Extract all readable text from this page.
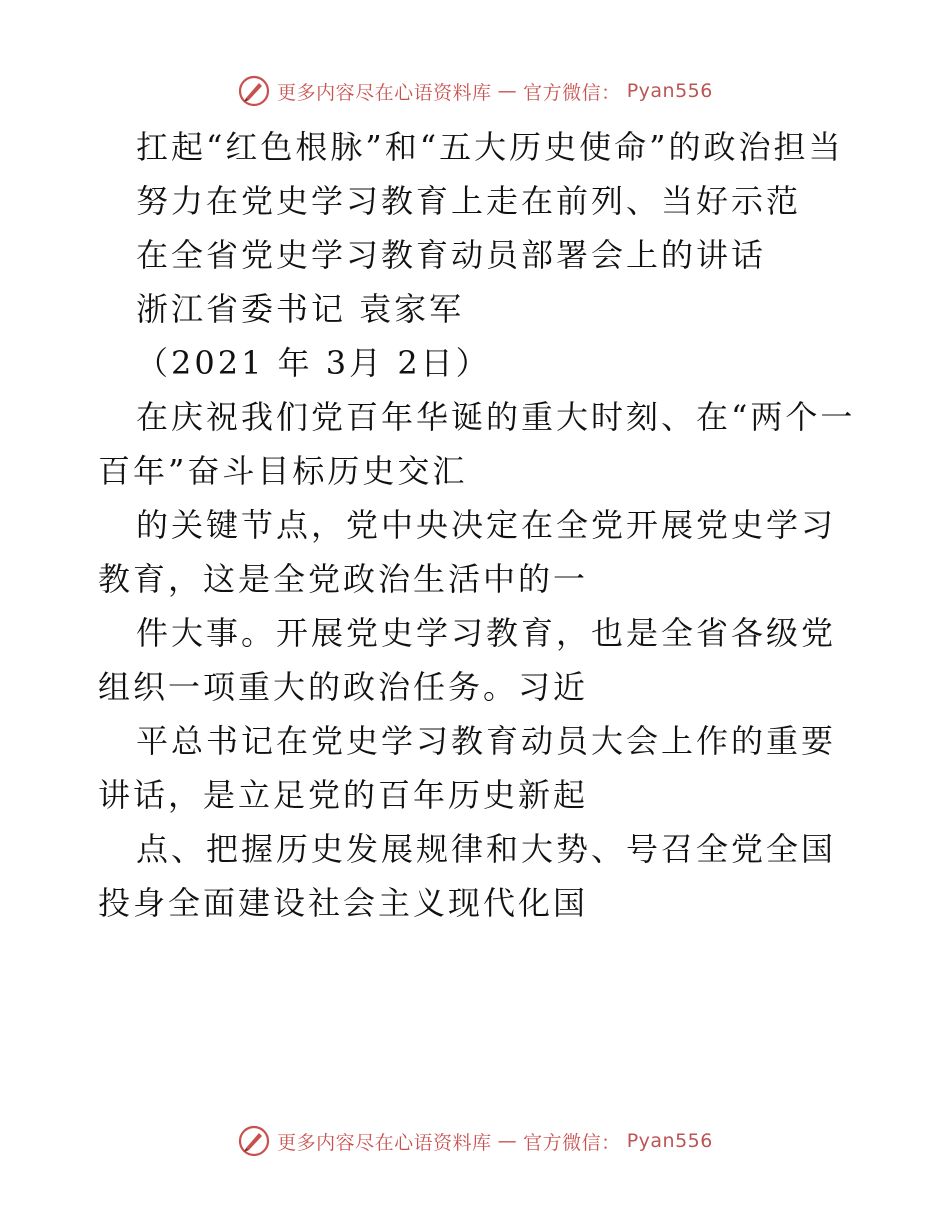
更多内容尽在心语资料库 — 官方微信： Pyan556

扛起“红色根脉”和“五大历史使命”的政治担当

努力在党史学习教育上走在前列、当好示范

在全省党史学习教育动员部署会上的讲话

浙江省委书记 袁家军

（2021 年 3月 2日）

在庆祝我们党百年华诞的重大时刻、在“两个一百年”奋斗目标历史交汇

的关键节点，党中央决定在全党开展党史学习教育，这是全党政治生活中的一

件大事。开展党史学习教育，也是全省各级党组织一项重大的政治任务。习近

平总书记在党史学习教育动员大会上作的重要讲话，是立足党的百年历史新起

点、把握历史发展规律和大势、号召全党全国投身全面建设社会主义现代化国

更多内容尽在心语资料库 — 官方微信： Pyan556
